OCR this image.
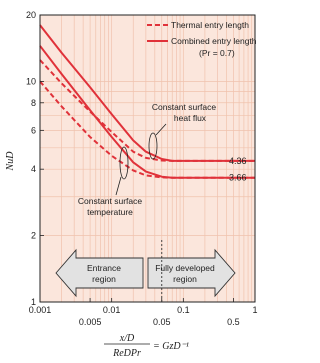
0.001
0.005
0.01
0.05
0.1
0.5
1
1
2
4
6
8
10
20
Thermal entry length
Combined entry length
(Pr = 0.7)
Constant surface
heat flux
Constant surface
temperature
Entrance
region
Fully developed
region
4.36
3.66
NuD
x/D
ReDPr
= GzD⁻¹
